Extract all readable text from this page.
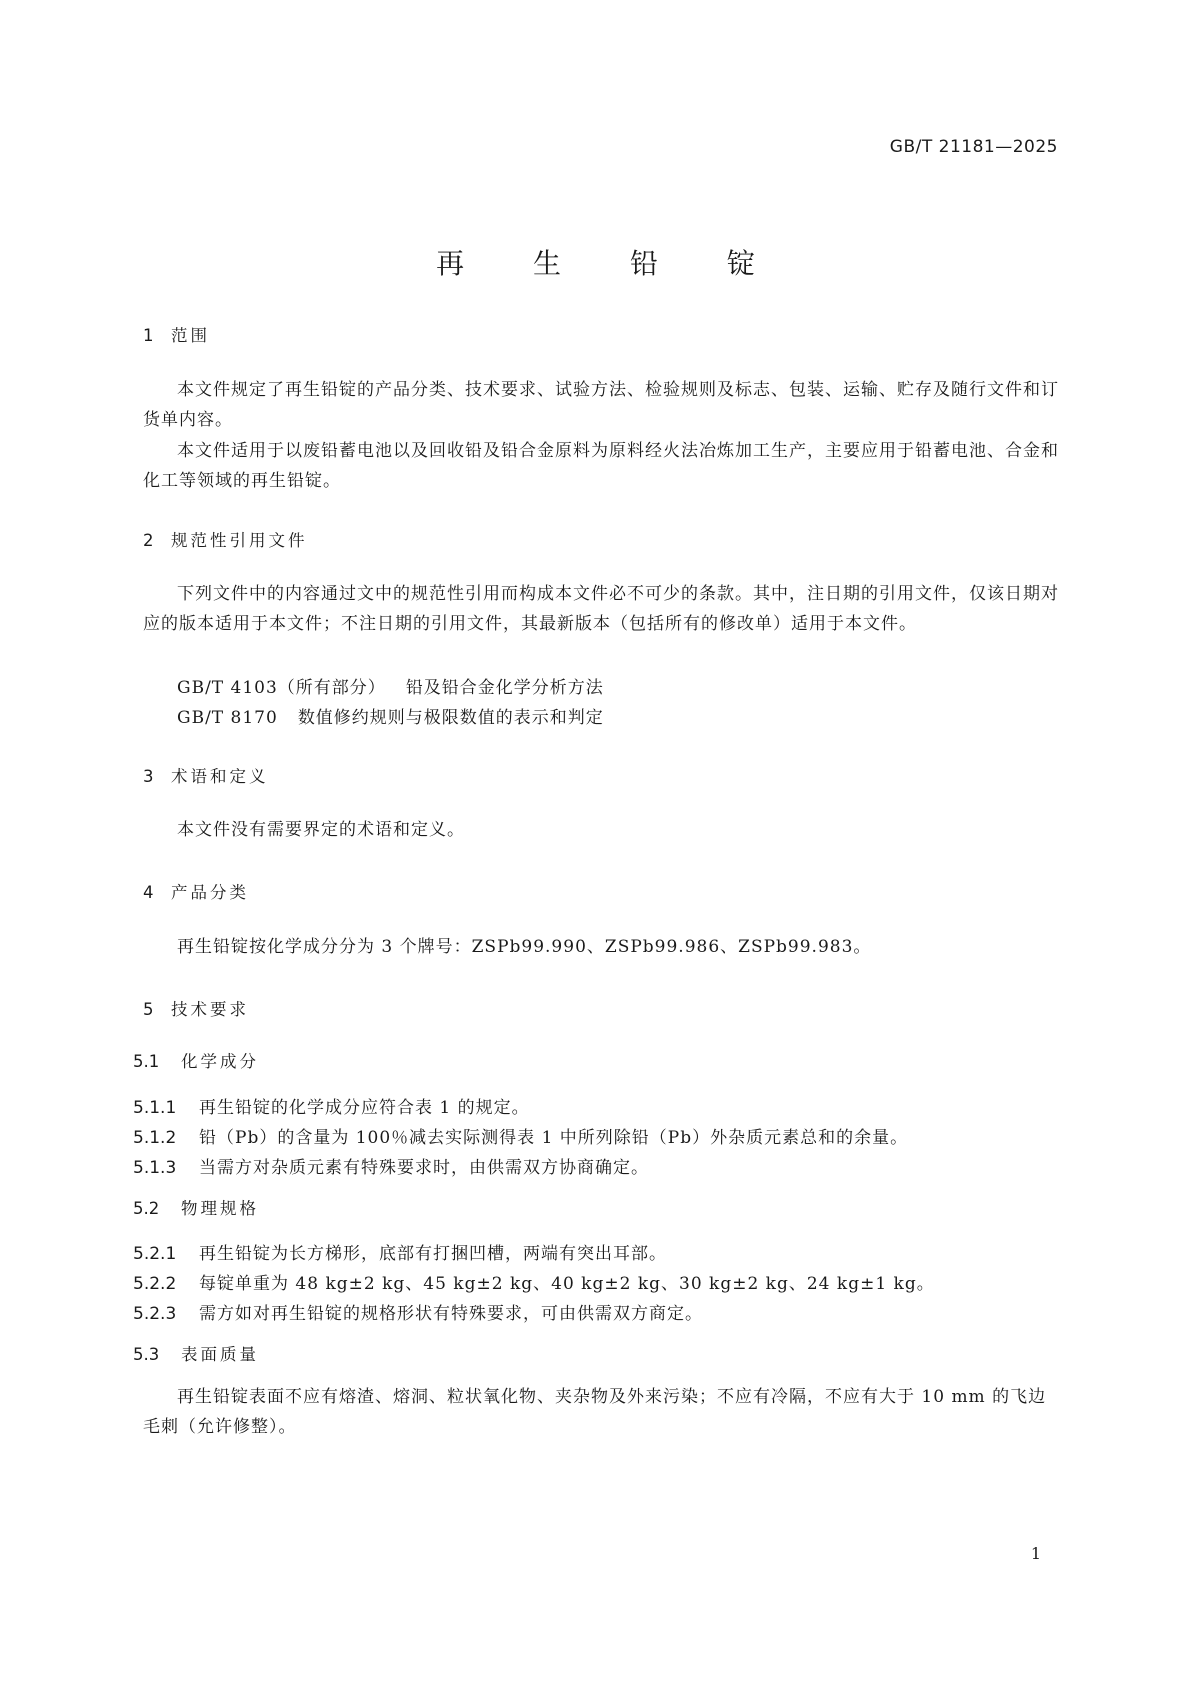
GB/T 21181—2025
再 生 铅 锭
1 范围
本文件规定了再生铅锭的产品分类、技术要求、试验方法、检验规则及标志、包装、运输、贮存及随行文件和订货单内容。
本文件适用于以废铅蓄电池以及回收铅及铅合金原料为原料经火法冶炼加工生产，主要应用于铅蓄电池、合金和化工等领域的再生铅锭。
2 规范性引用文件
下列文件中的内容通过文中的规范性引用而构成本文件必不可少的条款。其中，注日期的引用文件，仅该日期对应的版本适用于本文件；不注日期的引用文件，其最新版本（包括所有的修改单）适用于本文件。
GB/T 4103（所有部分） 铅及铅合金化学分析方法
GB/T 8170 数值修约规则与极限数值的表示和判定
3 术语和定义
本文件没有需要界定的术语和定义。
4 产品分类
再生铅锭按化学成分分为 3 个牌号：ZSPb99.990、ZSPb99.986、ZSPb99.983。
5 技术要求
5.1 化学成分
5.1.1 再生铅锭的化学成分应符合表 1 的规定。
5.1.2 铅（Pb）的含量为 100％减去实际测得表 1 中所列除铅（Pb）外杂质元素总和的余量。
5.1.3 当需方对杂质元素有特殊要求时，由供需双方协商确定。
5.2 物理规格
5.2.1 再生铅锭为长方梯形，底部有打捆凹槽，两端有突出耳部。
5.2.2 每锭单重为 48 kg±2 kg、45 kg±2 kg、40 kg±2 kg、30 kg±2 kg、24 kg±1 kg。
5.2.3 需方如对再生铅锭的规格形状有特殊要求，可由供需双方商定。
5.3 表面质量
再生铅锭表面不应有熔渣、熔洞、粒状氧化物、夹杂物及外来污染；不应有冷隔，不应有大于 10 mm 的飞边毛刺（允许修整）。
1
